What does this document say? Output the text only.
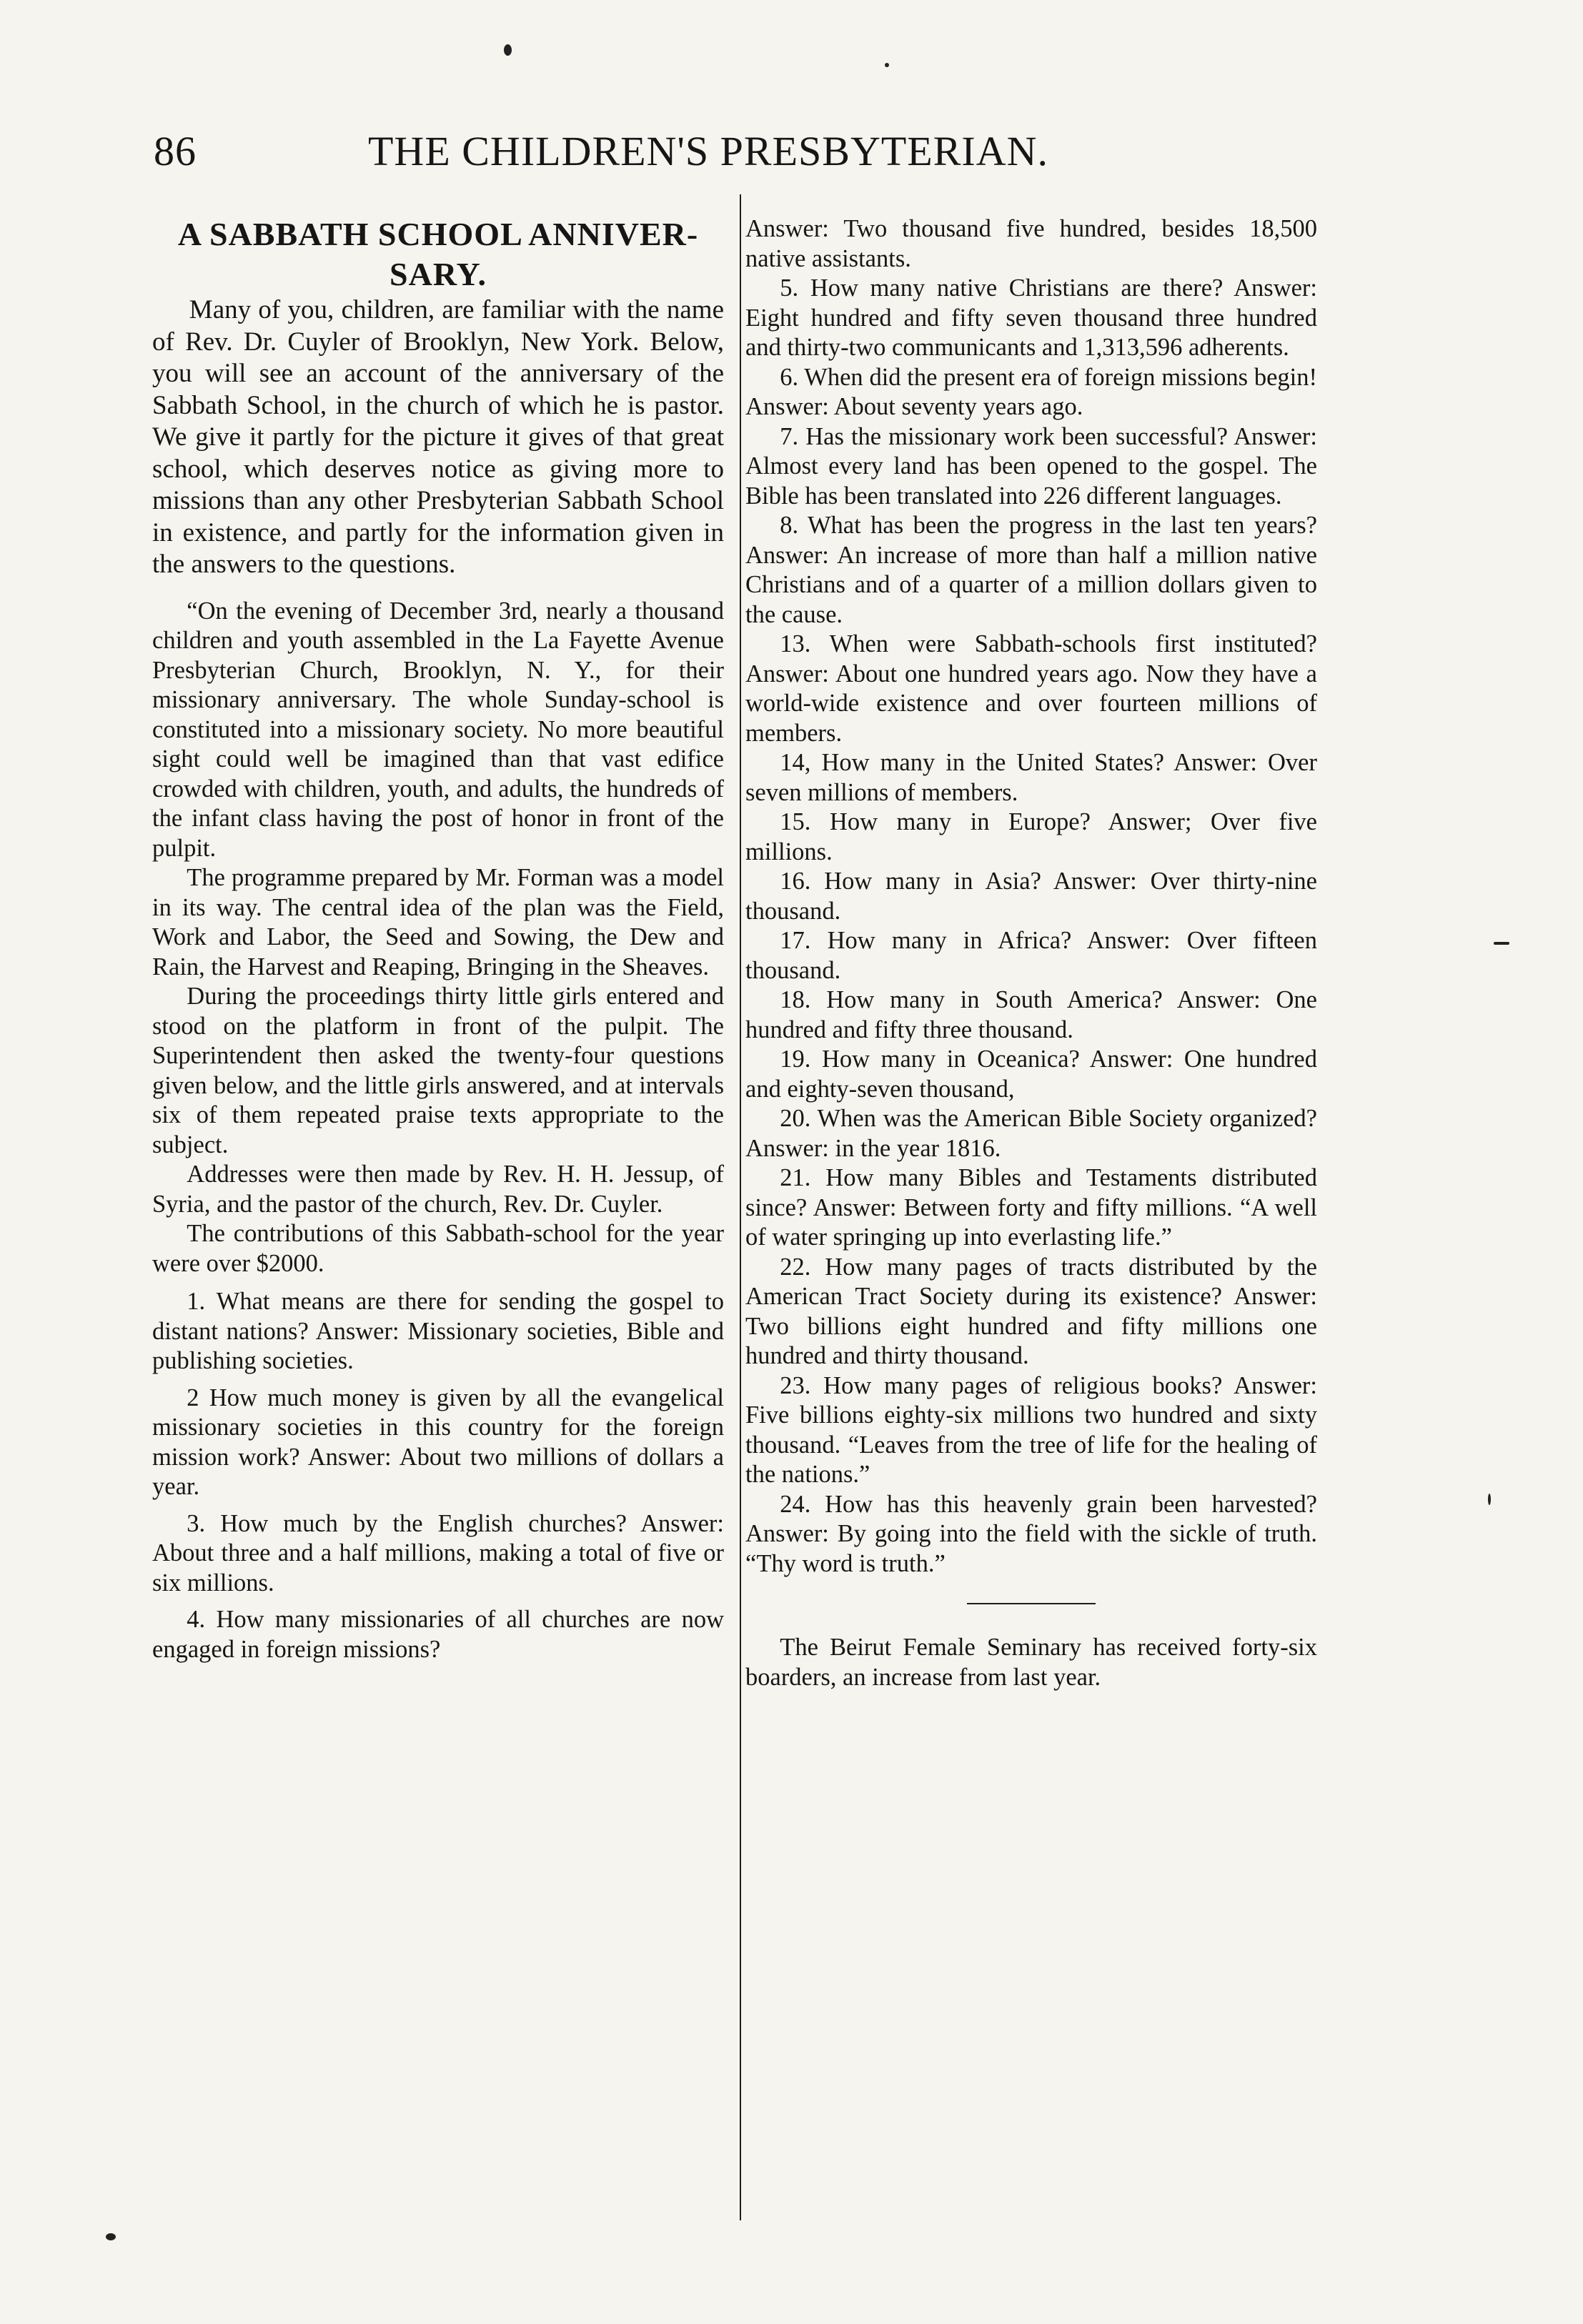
86	THE CHILDREN'S PRESBYTERIAN.

A SABBATH SCHOOL ANNIVER-SARY.

Many of you, children, are familiar with the name of Rev. Dr. Cuyler of Brooklyn, New York. Below, you will see an account of the anniversary of the Sabbath School, in the church of which he is pastor. We give it partly for the picture it gives of that great school, which deserves notice as giving more to missions than any other Presbyterian Sabbath School in existence, and partly for the information given in the answers to the questions.

“On the evening of December 3rd, nearly a thousand children and youth assembled in the La Fayette Avenue Presbyterian Church, Brooklyn, N. Y., for their missionary anniversary. The whole Sunday-school is constituted into a missionary society. No more beautiful sight could well be imagined than that vast edifice crowded with children, youth, and adults, the hundreds of the infant class having the post of honor in front of the pulpit.

The programme prepared by Mr. Forman was a model in its way. The central idea of the plan was the Field, Work and Labor, the Seed and Sowing, the Dew and Rain, the Harvest and Reaping, Bringing in the Sheaves.

During the proceedings thirty little girls entered and stood on the platform in front of the pulpit. The Superintendent then asked the twenty-four questions given below, and the little girls answered, and at intervals six of them repeated praise texts appropriate to the subject.

Addresses were then made by Rev. H. H. Jessup, of Syria, and the pastor of the church, Rev. Dr. Cuyler.

The contributions of this Sabbath-school for the year were over $2000.

1. What means are there for sending the gospel to distant nations? Answer: Missionary societies, Bible and publishing societies.

2 How much money is given by all the evangelical missionary societies in this country for the foreign mission work? Answer: About two millions of dollars a year.

3. How much by the English churches? Answer: About three and a half millions, making a total of five or six millions.

4. How many missionaries of all churches are now engaged in foreign missions?

Answer: Two thousand five hundred, besides 18,500 native assistants.

5. How many native Christians are there? Answer: Eight hundred and fifty seven thousand three hundred and thirty-two communicants and 1,313,596 adherents.

6. When did the present era of foreign missions begin! Answer: About seventy years ago.

7. Has the missionary work been successful? Answer: Almost every land has been opened to the gospel. The Bible has been translated into 226 different languages.

8. What has been the progress in the last ten years? Answer: An increase of more than half a million native Christians and of a quarter of a million dollars given to the cause.

13. When were Sabbath-schools first instituted? Answer: About one hundred years ago. Now they have a world-wide existence and over fourteen millions of members.

14, How many in the United States? Answer: Over seven millions of members.

15. How many in Europe? Answer; Over five millions.

16. How many in Asia? Answer: Over thirty-nine thousand.

17. How many in Africa? Answer: Over fifteen thousand.

18. How many in South America? Answer: One hundred and fifty three thousand.

19. How many in Oceanica? Answer: One hundred and eighty-seven thousand,

20. When was the American Bible Society organized? Answer: in the year 1816.

21. How many Bibles and Testaments distributed since? Answer: Between forty and fifty millions. “A well of water springing up into everlasting life.”

22. How many pages of tracts distributed by the American Tract Society during its existence? Answer: Two billions eight hundred and fifty millions one hundred and thirty thousand.

23. How many pages of religious books? Answer: Five billions eighty-six millions two hundred and sixty thousand. “Leaves from the tree of life for the healing of the nations.”

24. How has this heavenly grain been harvested? Answer: By going into the field with the sickle of truth. “Thy word is truth.”

The Beirut Female Seminary has received forty-six boarders, an increase from last year.
